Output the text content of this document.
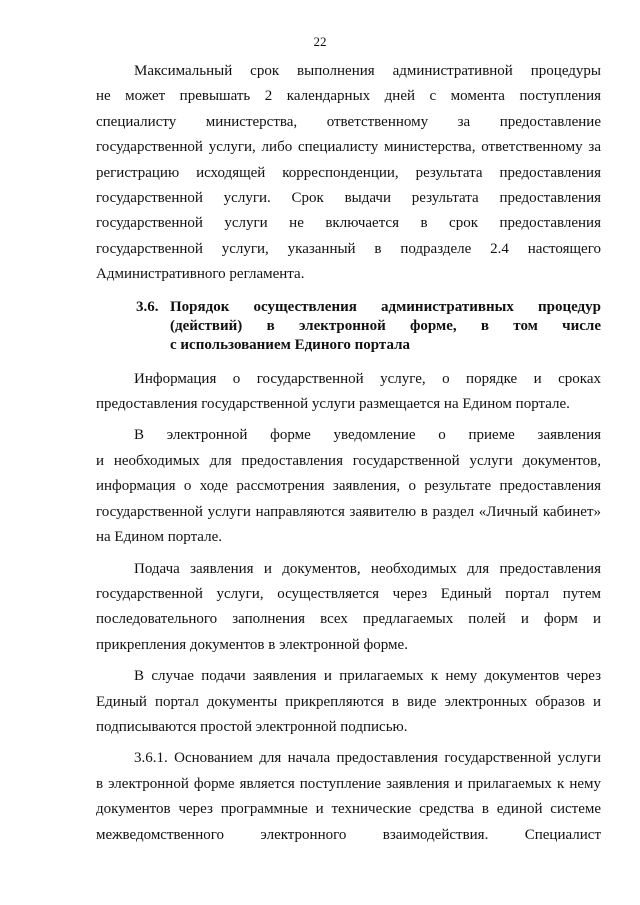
22
Максимальный срок выполнения административной процедуры
не может превышать 2 календарных дней с момента поступления
специалисту министерства, ответственному за предоставление
государственной услуги, либо специалисту министерства, ответственному за
регистрацию исходящей корреспонденции, результата предоставления
государственной услуги. Срок выдачи результата предоставления
государственной услуги не включается в срок предоставления
государственной услуги, указанный в подразделе 2.4 настоящего
Административного регламента.
3.6. Порядок осуществления административных процедур
(действий) в электронной форме, в том числе
с использованием Единого портала
Информация о государственной услуге, о порядке и сроках
предоставления государственной услуги размещается на Едином портале.
В электронной форме уведомление о приеме заявления
и необходимых для предоставления государственной услуги документов,
информация о ходе рассмотрения заявления, о результате предоставления
государственной услуги направляются заявителю в раздел «Личный кабинет»
на Едином портале.
Подача заявления и документов, необходимых для предоставления
государственной услуги, осуществляется через Единый портал путем
последовательного заполнения всех предлагаемых полей и форм и
прикрепления документов в электронной форме.
В случае подачи заявления и прилагаемых к нему документов через
Единый портал документы прикрепляются в виде электронных образов и
подписываются простой электронной подписью.
3.6.1. Основанием для начала предоставления государственной услуги
в электронной форме является поступление заявления и прилагаемых к нему
документов через программные и технические средства в единой системе
межведомственного электронного взаимодействия. Специалист
